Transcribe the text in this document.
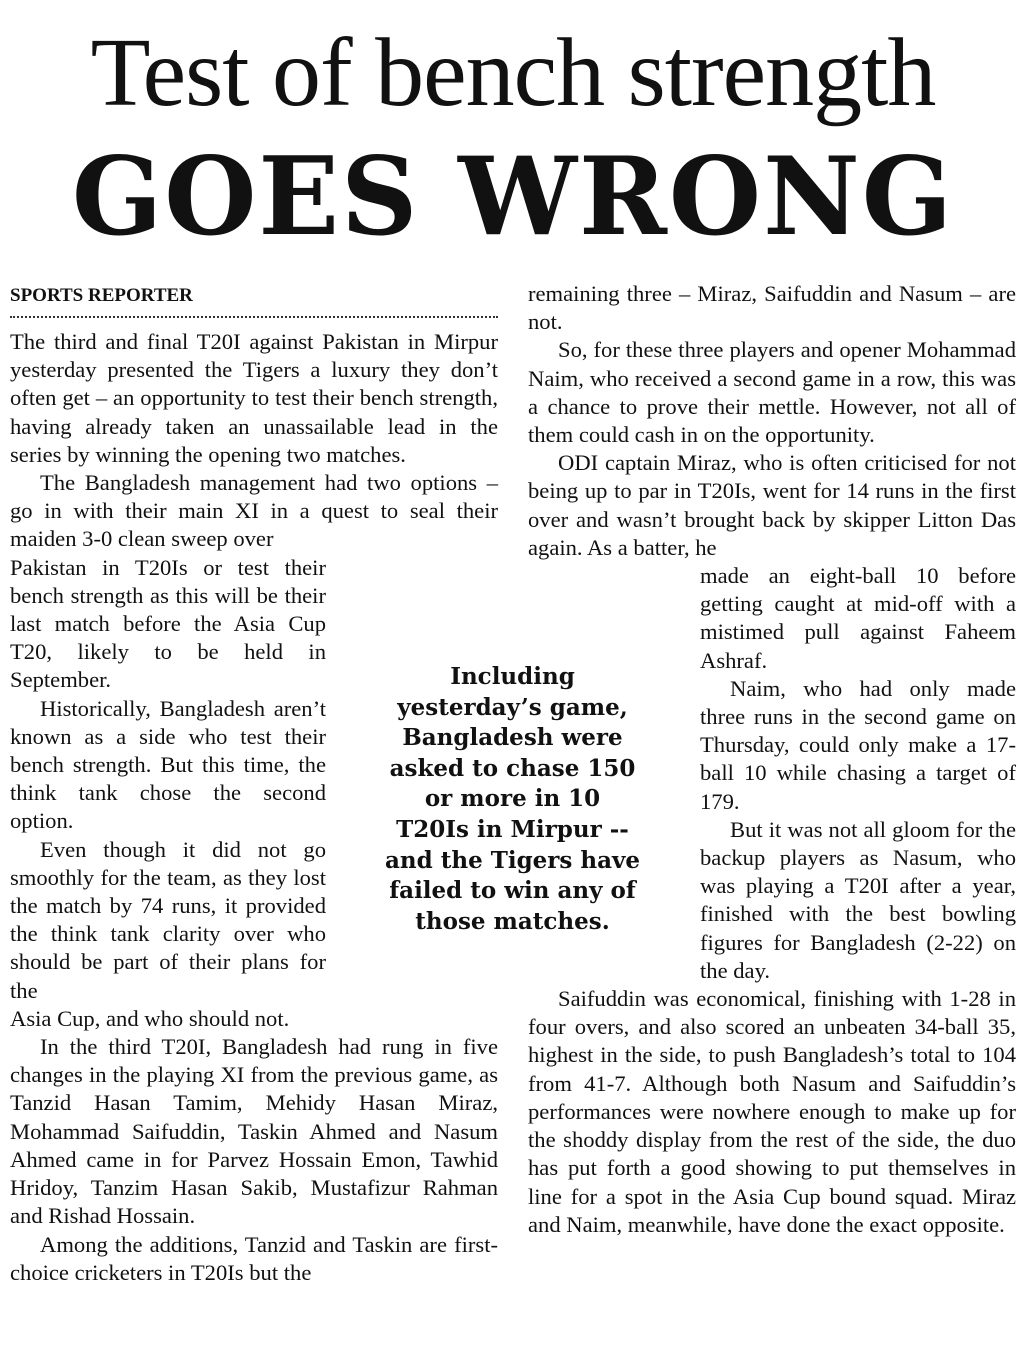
Test of bench strength
GOES WRONG
SPORTS REPORTER

The third and final T20I against Pakistan in Mirpur yesterday presented the Tigers a luxury they don’t often get – an opportunity to test their bench strength, having already taken an unassailable lead in the series by winning the opening two matches.

The Bangladesh management had two options – go in with their main XI in a quest to seal their maiden 3-0 clean sweep over

Pakistan in T20Is or test their bench strength as this will be their last match before the Asia Cup T20, likely to be held in September.

Historically, Bangladesh aren’t known as a side who test their bench strength. But this time, the think tank chose the second option.

Even though it did not go smoothly for the team, as they lost the match by 74 runs, it provided the think tank clarity over who should be part of their plans for the

Asia Cup, and who should not.

In the third T20I, Bangladesh had rung in five changes in the playing XI from the previous game, as Tanzid Hasan Tamim, Mehidy Hasan Miraz, Mohammad Saifuddin, Taskin Ahmed and Nasum Ahmed came in for Parvez Hossain Emon, Tawhid Hridoy, Tanzim Hasan Sakib, Mustafizur Rahman and Rishad Hossain.

Among the additions, Tanzid and Taskin are first-choice cricketers in T20Is but the

remaining three – Miraz, Saifuddin and Nasum – are not.

So, for these three players and opener Mohammad Naim, who received a second game in a row, this was a chance to prove their mettle. However, not all of them could cash in on the opportunity.

ODI captain Miraz, who is often criticised for not being up to par in T20Is, went for 14 runs in the first over and wasn’t brought back by skipper Litton Das again. As a batter, he

made an eight-ball 10 before getting caught at mid-off with a mistimed pull against Faheem Ashraf.

Naim, who had only made three runs in the second game on Thursday, could only make a 17-ball 10 while chasing a target of 179.

But it was not all gloom for the backup players as Nasum, who was playing a T20I after a year, finished with the best bowling figures for Bangladesh (2-22) on the day.

Saifuddin was economical, finishing with 1-28 in four overs, and also scored an unbeaten 34-ball 35, highest in the side, to push Bangladesh’s total to 104 from 41-7. Although both Nasum and Saifuddin’s performances were nowhere enough to make up for the shoddy display from the rest of the side, the duo has put forth a good showing to put themselves in line for a spot in the Asia Cup bound squad. Miraz and Naim, meanwhile, have done the exact opposite.

Including yesterday’s game, Bangladesh were asked to chase 150 or more in 10 T20Is in Mirpur -- and the Tigers have failed to win any of those matches.
